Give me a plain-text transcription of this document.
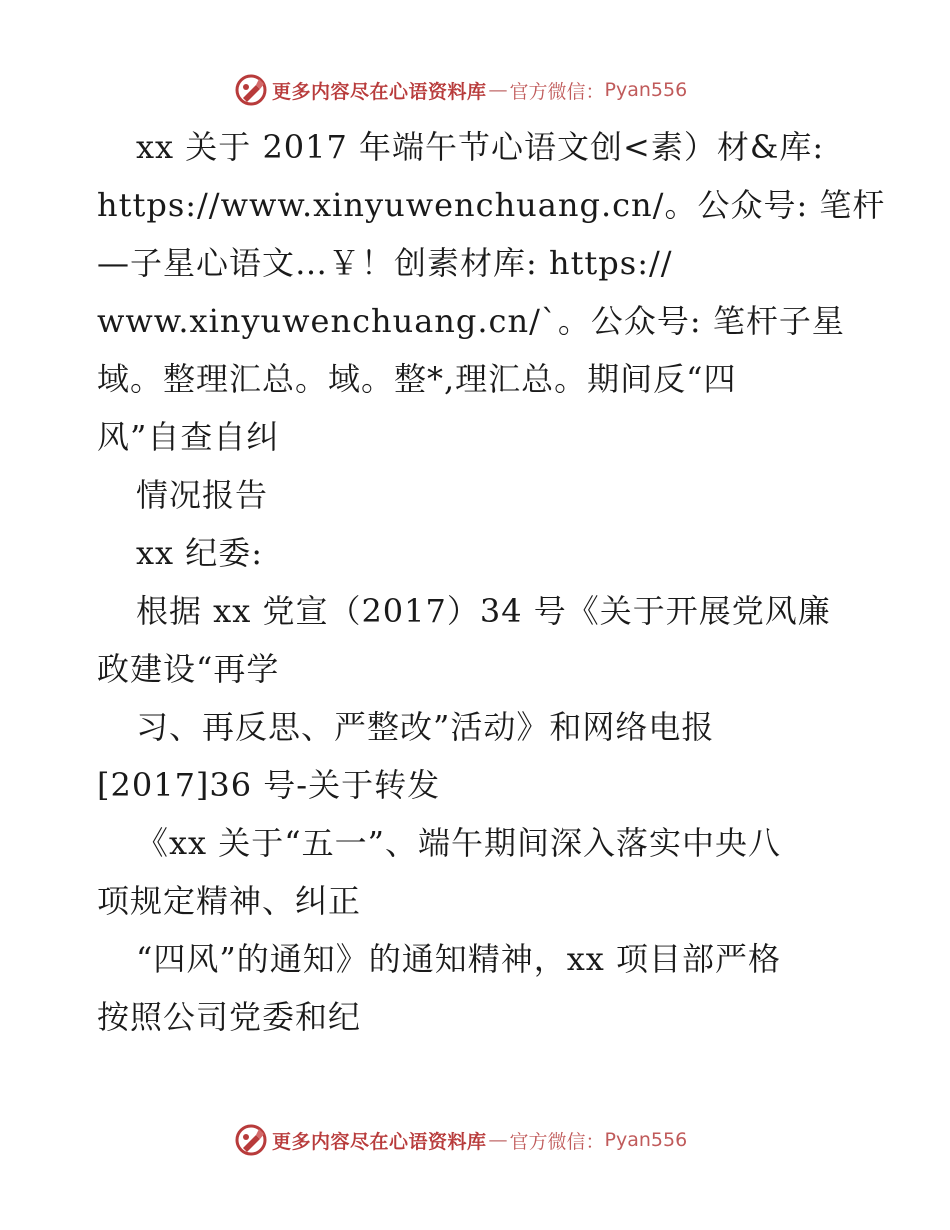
更多内容尽在心语资料库 — 官方微信： Pyan556
xx 关于 2017 年端午节心语文创<素）材&库:
https://www.xinyuwenchuang.cn/。公众号: 笔杆
—子星心语文…￥！创素材库: https://
www.xinyuwenchuang.cn/`。公众号: 笔杆子星
域。整理汇总。域。整*,理汇总。期间反“四
风”自查自纠
情况报告
xx 纪委:
根据 xx 党宣（2017）34 号《关于开展党风廉
政建设“再学
习、再反思、严整改”活动》和网络电报
[2017]36 号-关于转发
《xx 关于“五一”、端午期间深入落实中央八
项规定精神、纠正
“四风”的通知》的通知精神，xx 项目部严格
按照公司党委和纪
更多内容尽在心语资料库 — 官方微信： Pyan556
